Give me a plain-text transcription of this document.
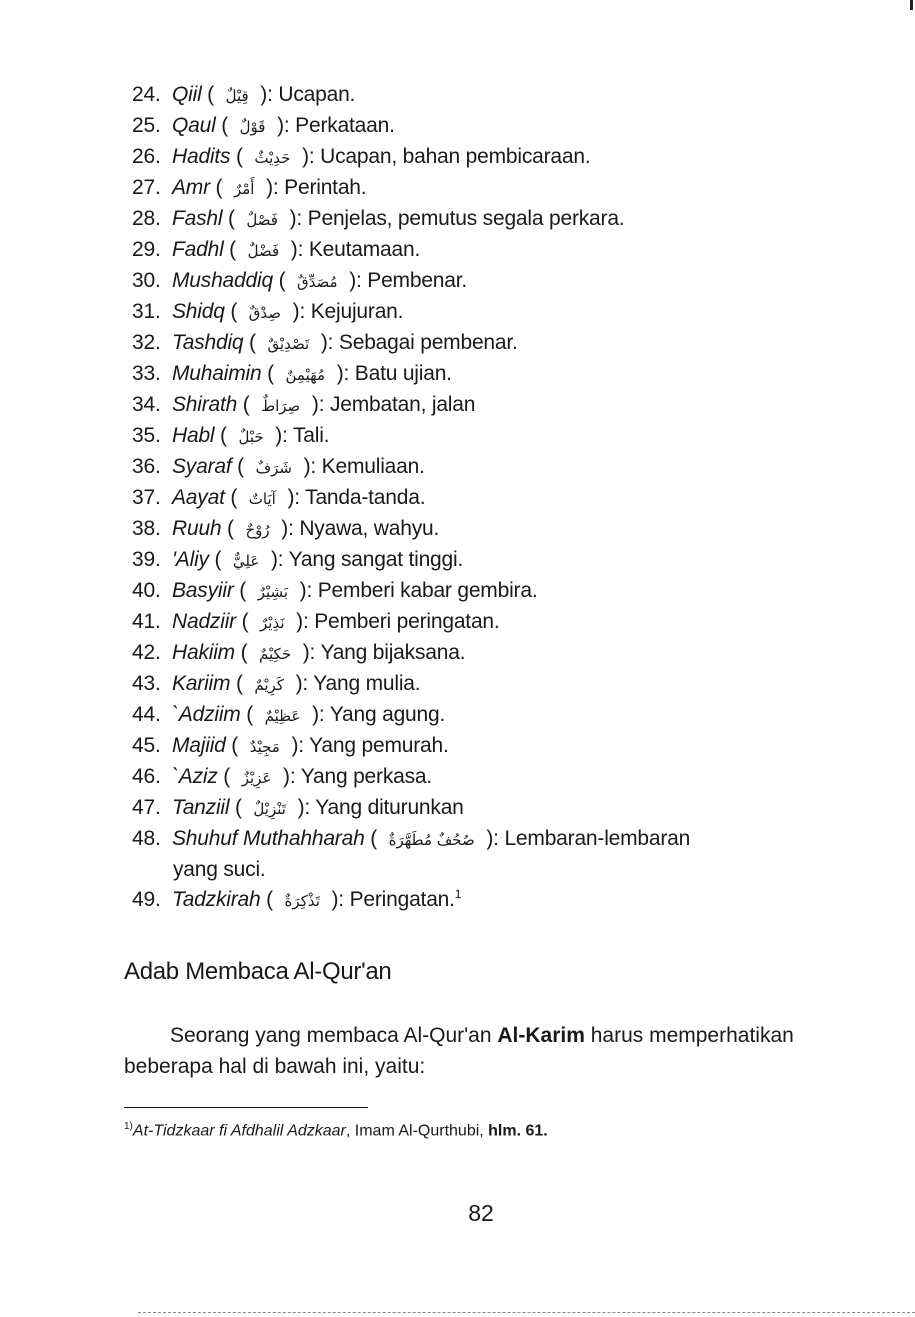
24. Qiil ( قِيْلٌ ): Ucapan.
25. Qaul ( قَوْلٌ ): Perkataan.
26. Hadits ( حَدِيْثٌ ): Ucapan, bahan pembicaraan.
27. Amr ( أَمْرٌ ): Perintah.
28. Fashl ( فَصْلٌ ): Penjelas, pemutus segala perkara.
29. Fadhl ( فَضْلٌ ): Keutamaan.
30. Mushaddiq ( مُصَدِّقٌ ): Pembenar.
31. Shidq ( صِدْقٌ ): Kejujuran.
32. Tashdiq ( تَصْدِيْقٌ ): Sebagai pembenar.
33. Muhaimin ( مُهَيْمِنٌ ): Batu ujian.
34. Shirath ( صِرَاطٌ ): Jembatan, jalan
35. Habl ( حَبْلٌ ): Tali.
36. Syaraf ( شَرَفٌ ): Kemuliaan.
37. Aayat ( آيَاتٌ ): Tanda-tanda.
38. Ruuh ( رُوْحٌ ): Nyawa, wahyu.
39. 'Aliy ( عَلِيٌّ ): Yang sangat tinggi.
40. Basyiir ( بَشِيْرٌ ): Pemberi kabar gembira.
41. Nadziir ( نَذِيْرٌ ): Pemberi peringatan.
42. Hakiim ( حَكِيْمٌ ): Yang bijaksana.
43. Kariim ( كَرِيْمٌ ): Yang mulia.
44. `Adziim ( عَظِيْمٌ ): Yang agung.
45. Majiid ( مَجِيْدٌ ): Yang pemurah.
46. `Aziz ( عَزِيْزٌ ): Yang perkasa.
47. Tanziil ( تَنْزِيْلٌ ): Yang diturunkan
48. Shuhuf Muthahharah ( صُحُفٌ مُطَهَّرَةٌ ): Lembaran-lembaran
yang suci.
49. Tadzkirah ( تَذْكِرَةٌ ): Peringatan.$^1$
Adab Membaca Al-Qur'an

Seorang yang membaca Al-Qur'an Al-Karim harus memperhatikan beberapa hal di bawah ini, yaitu:

$^{1)}$At-Tidzkaar fi Afdhalil Adzkaar, Imam Al-Qurthubi, hlm. 61.

82
